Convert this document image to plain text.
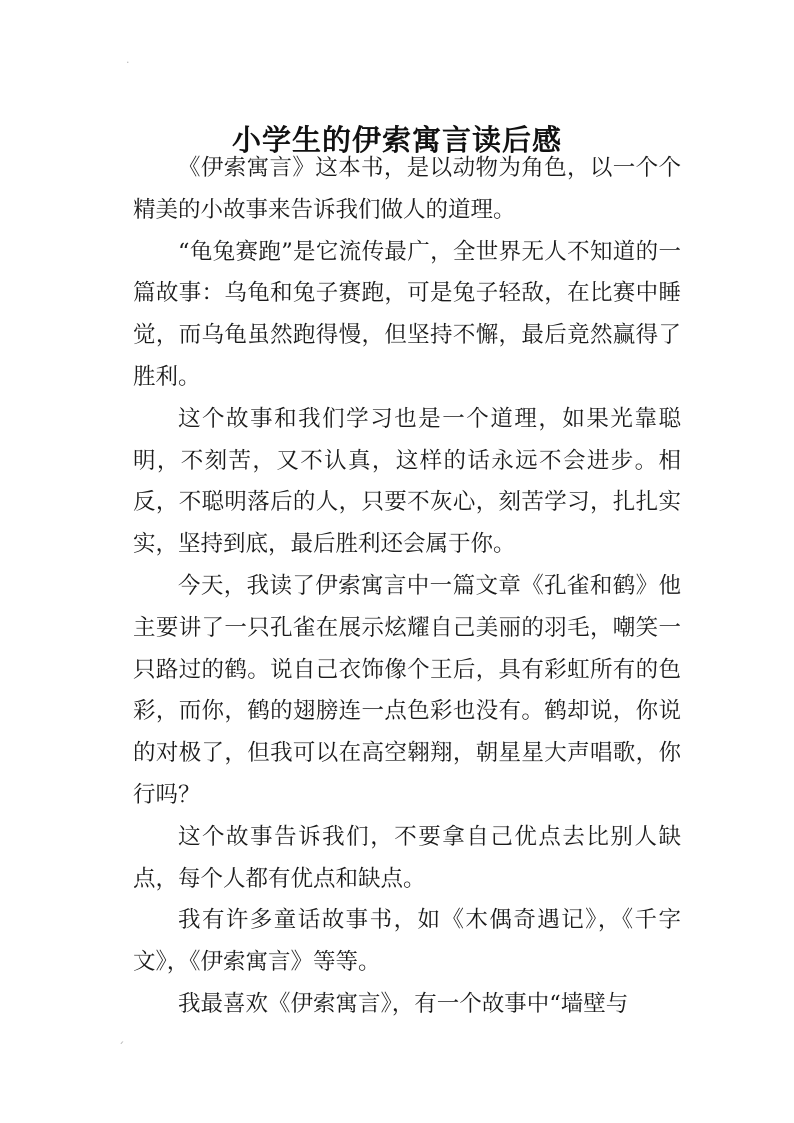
·
小学生的伊索寓言读后感

《伊索寓言》这本书，是以动物为角色，以一个个精美的小故事来告诉我们做人的道理。

“龟兔赛跑”是它流传最广，全世界无人不知道的一篇故事：乌龟和兔子赛跑，可是兔子轻敌，在比赛中睡觉，而乌龟虽然跑得慢，但坚持不懈，最后竟然赢得了胜利。

这个故事和我们学习也是一个道理，如果光靠聪明，不刻苦，又不认真，这样的话永远不会进步。相反，不聪明落后的人，只要不灰心，刻苦学习，扎扎实实，坚持到底，最后胜利还会属于你。

今天，我读了伊索寓言中一篇文章《孔雀和鹤》他主要讲了一只孔雀在展示炫耀自己美丽的羽毛，嘲笑一只路过的鹤。说自己衣饰像个王后，具有彩虹所有的色彩，而你，鹤的翅膀连一点色彩也没有。鹤却说，你说的对极了，但我可以在高空翱翔，朝星星大声唱歌，你行吗？

这个故事告诉我们，不要拿自己优点去比别人缺点，每个人都有优点和缺点。

我有许多童话故事书，如《木偶奇遇记》，《千字文》，《伊索寓言》等等。

我最喜欢《伊索寓言》，有一个故事中“墙壁与

ˏ
